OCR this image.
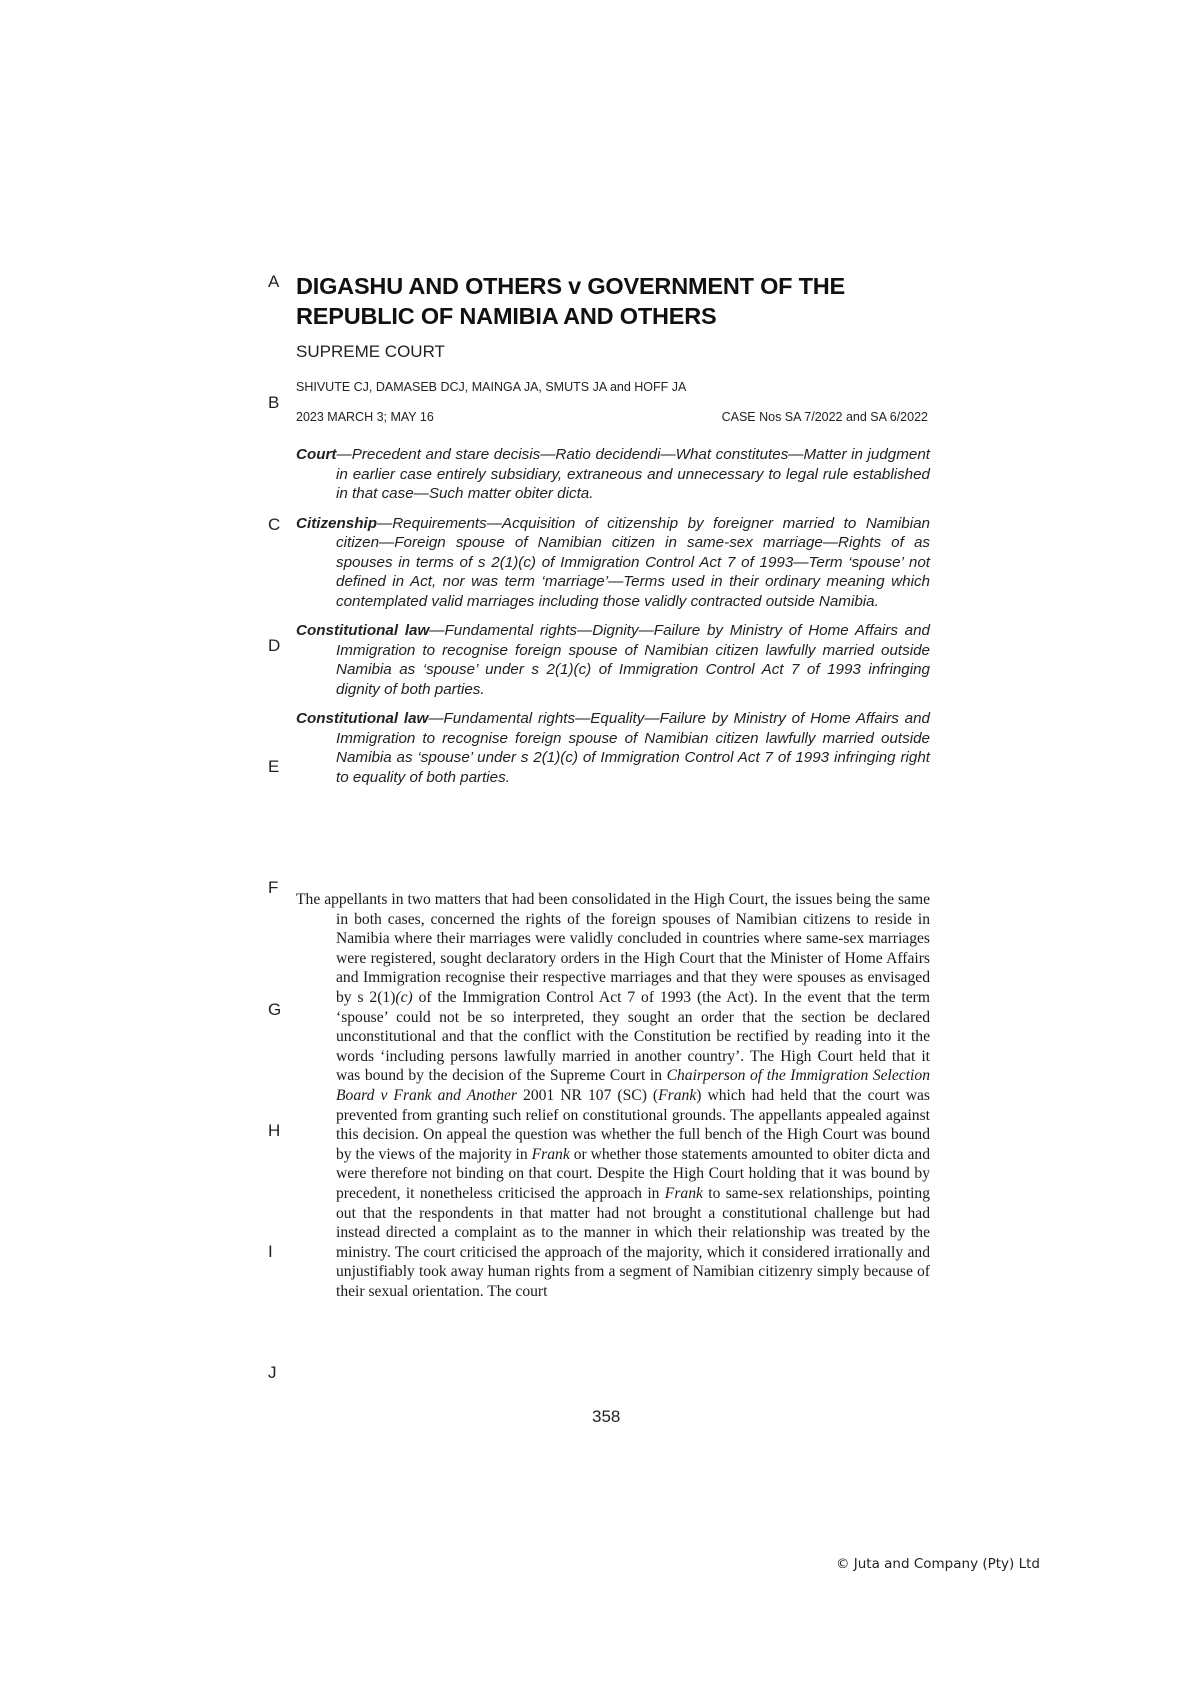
A
B
C
D
E
F
G
H
I
J
DIGASHU AND OTHERS v GOVERNMENT OF THE
REPUBLIC OF NAMIBIA AND OTHERS
SUPREME COURT
SHIVUTE CJ, DAMASEB DCJ, MAINGA JA, SMUTS JA and HOFF JA
2023 MARCH 3; MAY 16	CASE Nos SA 7/2022 and SA 6/2022

Court—Precedent and stare decisis—Ratio decidendi—What constitutes—Matter in judgment in earlier case entirely subsidiary, extraneous and unnecessary to legal rule established in that case—Such matter obiter dicta.

Citizenship—Requirements—Acquisition of citizenship by foreigner married to Namibian citizen—Foreign spouse of Namibian citizen in same-sex marriage—Rights of as spouses in terms of s 2(1)(c) of Immigration Control Act 7 of 1993—Term ‘spouse’ not defined in Act, nor was term ‘marriage’—Terms used in their ordinary meaning which contemplated valid marriages including those validly contracted outside Namibia.

Constitutional law—Fundamental rights—Dignity—Failure by Ministry of Home Affairs and Immigration to recognise foreign spouse of Namibian citizen lawfully married outside Namibia as ‘spouse’ under s 2(1)(c) of Immigration Control Act 7 of 1993 infringing dignity of both parties.

Constitutional law—Fundamental rights—Equality—Failure by Ministry of Home Affairs and Immigration to recognise foreign spouse of Namibian citizen lawfully married outside Namibia as ‘spouse’ under s 2(1)(c) of Immigration Control Act 7 of 1993 infringing right to equality of both parties.

The appellants in two matters that had been consolidated in the High Court, the issues being the same in both cases, concerned the rights of the foreign spouses of Namibian citizens to reside in Namibia where their marriages were validly concluded in countries where same-sex marriages were registered, sought declaratory orders in the High Court that the Minister of Home Affairs and Immigration recognise their respective marriages and that they were spouses as envisaged by s 2(1)(c) of the Immigration Control Act 7 of 1993 (the Act). In the event that the term ‘spouse’ could not be so interpreted, they sought an order that the section be declared unconstitutional and that the conflict with the Constitution be rectified by reading into it the words ‘including persons lawfully married in another country’. The High Court held that it was bound by the decision of the Supreme Court in Chairperson of the Immigration Selection Board v Frank and Another 2001 NR 107 (SC) (Frank) which had held that the court was prevented from granting such relief on constitutional grounds. The appellants appealed against this decision. On appeal the question was whether the full bench of the High Court was bound by the views of the majority in Frank or whether those statements amounted to obiter dicta and were therefore not binding on that court. Despite the High Court holding that it was bound by precedent, it nonetheless criticised the approach in Frank to same-sex relationships, pointing out that the respondents in that matter had not brought a constitutional challenge but had instead directed a complaint as to the manner in which their relationship was treated by the ministry. The court criticised the approach of the majority, which it considered irrationally and unjustifiably took away human rights from a segment of Namibian citizenry simply because of their sexual orientation. The court

358
© Juta and Company (Pty) Ltd
